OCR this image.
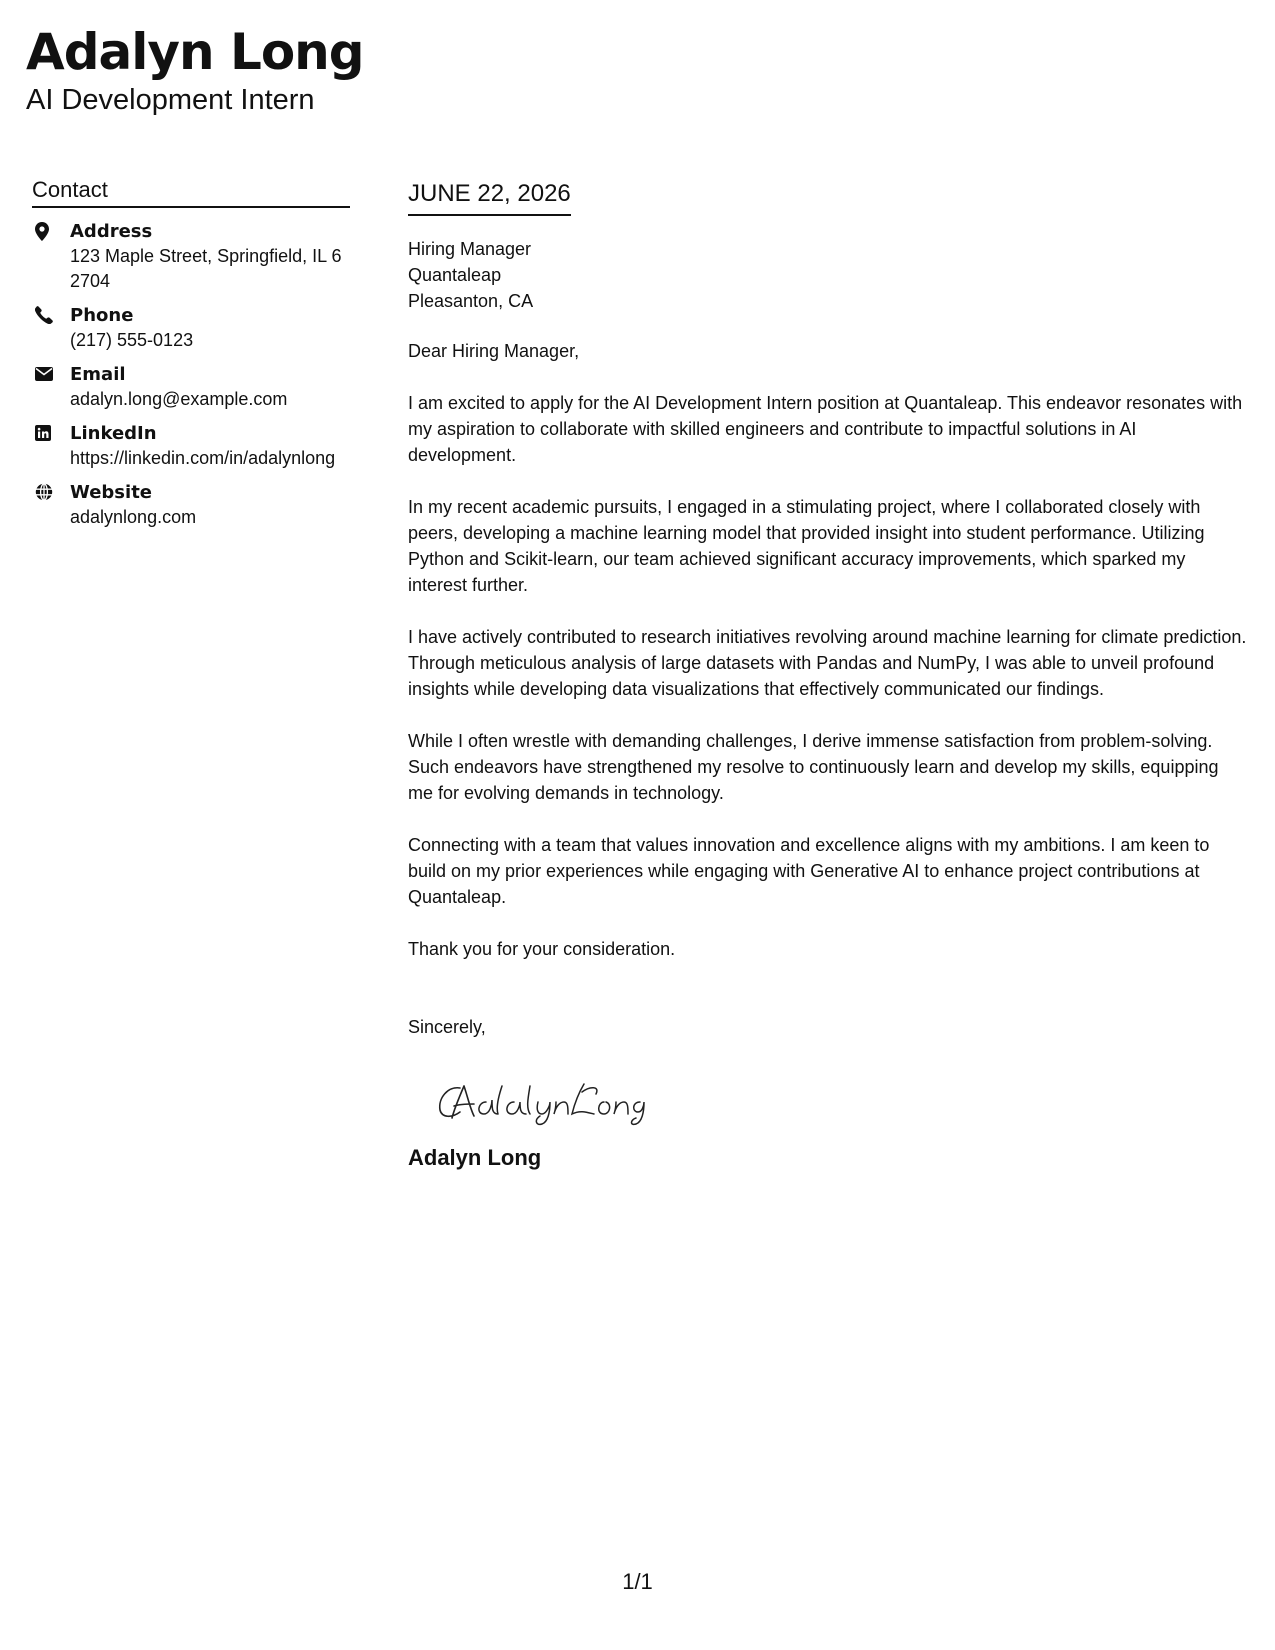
Adalyn Long
AI Development Intern
Contact
Address
123 Maple Street, Springfield, IL 62704
Phone
(217) 555-0123
Email
adalyn.long@example.com
LinkedIn
https://linkedin.com/in/adalynlong
Website
adalynlong.com
JUNE 22, 2026
Hiring Manager
Quantaleap
Pleasanton, CA
Dear Hiring Manager,
I am excited to apply for the AI Development Intern position at Quantaleap. This endeavor resonates with my aspiration to collaborate with skilled engineers and contribute to impactful solutions in AI development.
In my recent academic pursuits, I engaged in a stimulating project, where I collaborated closely with peers, developing a machine learning model that provided insight into student performance. Utilizing Python and Scikit-learn, our team achieved significant accuracy improvements, which sparked my interest further.
I have actively contributed to research initiatives revolving around machine learning for climate prediction. Through meticulous analysis of large datasets with Pandas and NumPy, I was able to unveil profound insights while developing data visualizations that effectively communicated our findings.
While I often wrestle with demanding challenges, I derive immense satisfaction from problem-solving. Such endeavors have strengthened my resolve to continuously learn and develop my skills, equipping me for evolving demands in technology.
Connecting with a team that values innovation and excellence aligns with my ambitions. I am keen to build on my prior experiences while engaging with Generative AI to enhance project contributions at Quantaleap.
Thank you for your consideration.
Sincerely,
Adalyn Long
1/1
